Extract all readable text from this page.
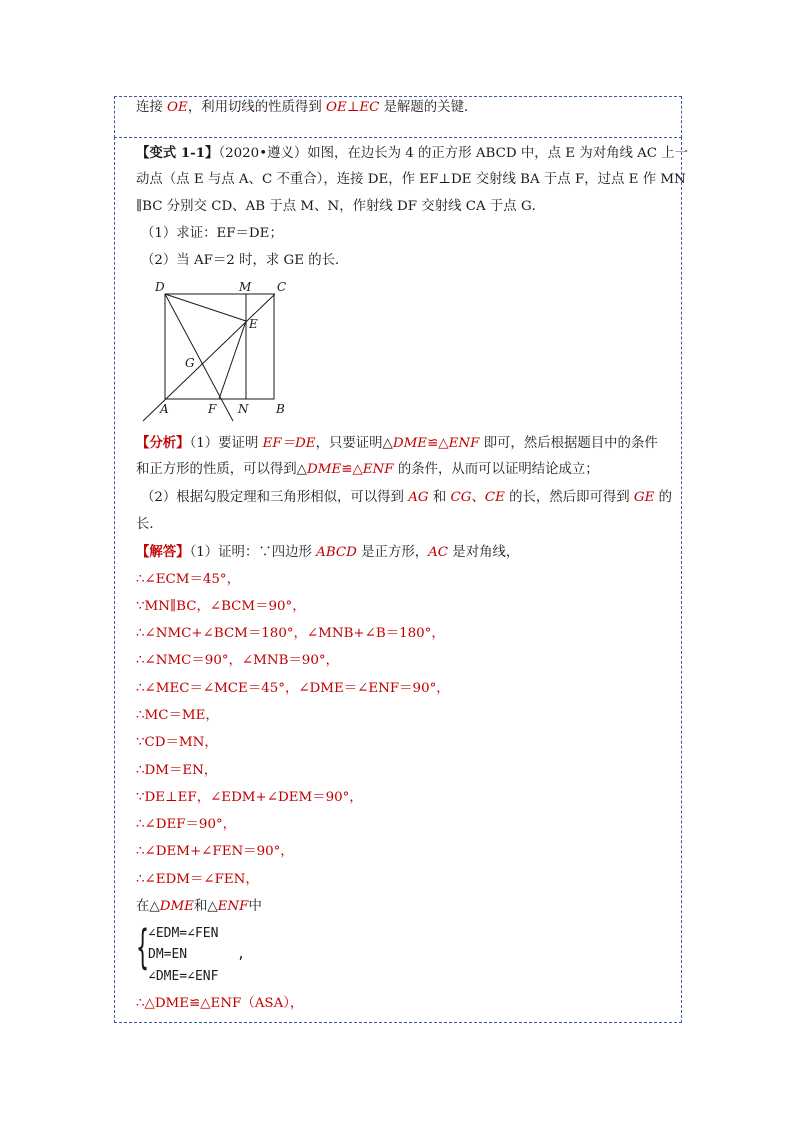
连接 OE，利用切线的性质得到 OE⊥EC 是解题的关键．
【变式 1-1】（2020•遵义）如图，在边长为 4 的正方形 ABCD 中，点 E 为对角线 AC 上一
动点（点 E 与点 A、C 不重合），连接 DE，作 EF⊥DE 交射线 BA 于点 F，过点 E 作 MN
∥BC 分别交 CD、AB 于点 M、N，作射线 DF 交射线 CA 于点 G．
（1）求证：EF＝DE；
（2）当 AF＝2 时，求 GE 的长．
D	M C
E
G
A	F N B
【分析】（1）要证明 EF＝DE，只要证明△DME≌△ENF 即可，然后根据题目中的条件
和正方形的性质，可以得到△DME≌△ENF 的条件，从而可以证明结论成立；
（2）根据勾股定理和三角形相似，可以得到 AG 和 CG、CE 的长，然后即可得到 GE 的
长．
【解答】（1）证明：∵四边形 ABCD 是正方形，AC 是对角线，
∴∠ECM＝45°，
∵MN∥BC，∠BCM＝90°，
∴∠NMC+∠BCM＝180°，∠MNB+∠B＝180°，
∴∠NMC＝90°，∠MNB＝90°，
∴∠MEC＝∠MCE＝45°，∠DME＝∠ENF＝90°，
∴MC＝ME，
∵CD＝MN，
∴DM＝EN，
∵DE⊥EF，∠EDM+∠DEM＝90°，
∴∠DEF＝90°，
∴∠DEM+∠FEN＝90°，
∴∠EDM＝∠FEN，
在△DME和△ENF中
{
∠EDM=∠FEN
DM=EN	,
∠DME=∠ENF
∴△DME≌△ENF（ASA），
